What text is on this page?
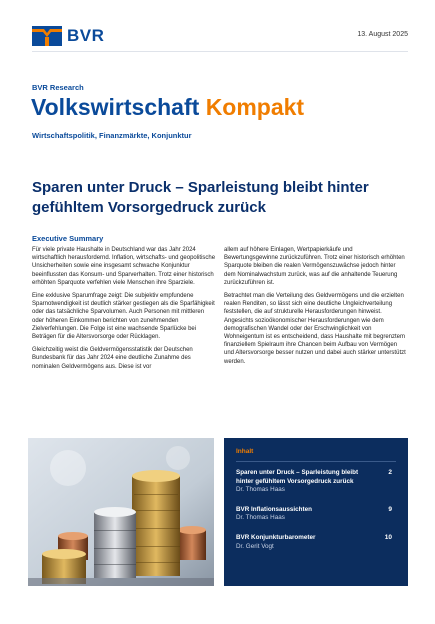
BVR	13. August 2025
BVR Research
Volkswirtschaft Kompakt
Wirtschaftspolitik, Finanzmärkte, Konjunktur
Sparen unter Druck – Sparleistung bleibt hinter
gefühltem Vorsorgedruck zurück
Executive Summary

Für viele private Haushalte in Deutschland war das Jahr 2024 wirtschaftlich herausfordernd. Inflation, wirtschafts- und geopolitische Unsicherheiten sowie eine insgesamt schwache Konjunktur beeinflussten das Konsum- und Sparverhalten. Trotz einer historisch erhöhten Sparquote verfehlen viele Menschen ihre Sparziele.

Eine exklusive Sparumfrage zeigt: Die subjektiv empfundene Sparnotwendigkeit ist deutlich stärker gestiegen als die Sparfähigkeit oder das tatsächliche Sparvolumen. Auch Personen mit mittleren oder höheren Einkommen berichten von zunehmenden Zielverfehlungen. Die Folge ist eine wachsende Sparlücke bei Beträgen für die Altersvorsorge oder Rücklagen.

Gleichzeitig weist die Geldvermögensstatistik der Deutschen Bundesbank für das Jahr 2024 eine deutliche Zunahme des nominalen Geldvermögens aus. Diese ist vor

allem auf höhere Einlagen, Wertpapierkäufe und Bewertungsgewinne zurückzuführen. Trotz einer historisch erhöhten Sparquote bleiben die realen Vermögenszuwächse jedoch hinter dem Nominalwachstum zurück, was auf die anhaltende Teuerung zurückzuführen ist.

Betrachtet man die Verteilung des Geldvermögens und die erzielten realen Renditen, so lässt sich eine deutliche Ungleichverteilung feststellen, die auf strukturelle Herausforderungen hinweist. Angesichts sozioökonomischer Herausforderungen wie dem demografischen Wandel oder der Erschwinglichkeit von Wohneigentum ist es entscheidend, dass Haushalte mit begrenztem finanziellem Spielraum ihre Chancen beim Aufbau von Vermögen und Altersvorsorge besser nutzen und dabei auch stärker unterstützt werden.

Inhalt
Sparen unter Druck – Sparleistung bleibt hinter gefühltem Vorsorgedruck zurück
Dr. Thomas Haas
2
BVR Inflationsaussichten
Dr. Thomas Haas
9
BVR Konjunkturbarometer
Dr. Gerit Vogt
10
